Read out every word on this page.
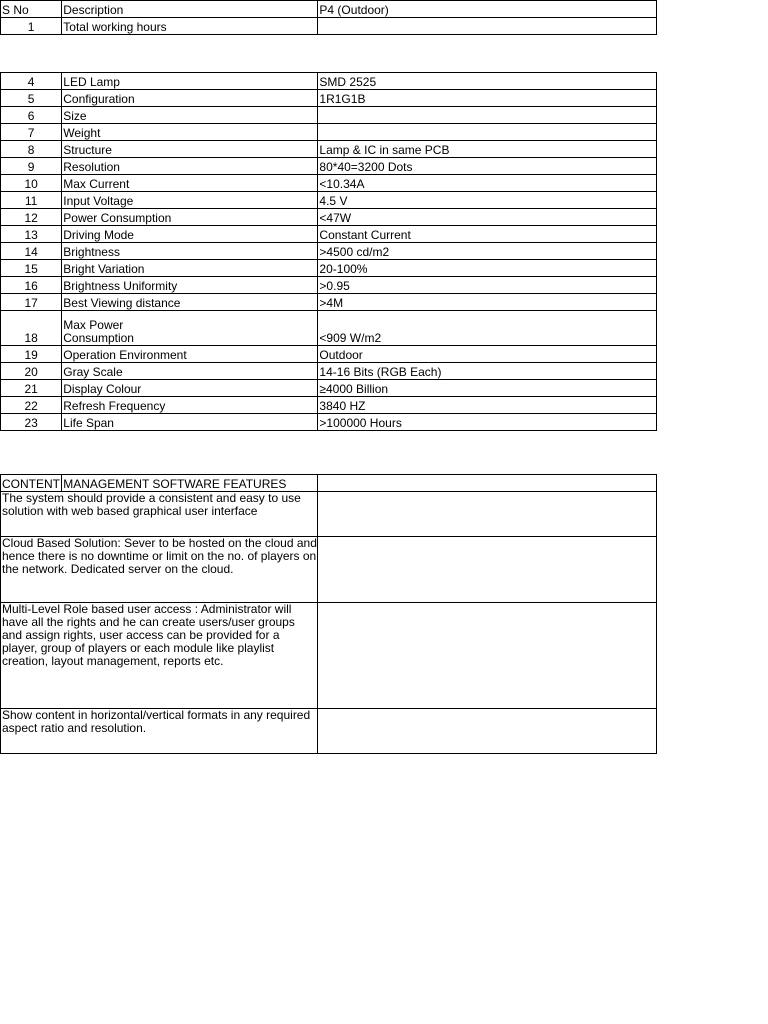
S No	Description	P4 (Outdoor)
1	Total working hours	
4	LED Lamp	SMD 2525
5	Configuration	1R1G1B
6	Size	
7	Weight	
8	Structure	Lamp & IC in same PCB
9	Resolution	80*40=3200 Dots
10	Max Current	<10.34A
11	Input Voltage	4.5 V
12	Power Consumption	<47W
13	Driving Mode	Constant Current
14	Brightness	>4500 cd/m2
15	Bright Variation	20-100%
16	Brightness Uniformity	>0.95
17	Best Viewing distance	>4M
18	Max Power
Consumption	<909 W/m2
19	Operation Environment	Outdoor
20	Gray Scale	14-16 Bits (RGB Each)
21	Display Colour	≥4000 Billion
22	Refresh Frequency	3840 HZ
23	Life Span	>100000 Hours
CONTENT	MANAGEMENT SOFTWARE FEATURES	
The system should provide a consistent and easy to use solution with web based graphical user interface		
Cloud Based Solution: Sever to be hosted on the cloud and hence there is no downtime or limit on the no. of players on the network. Dedicated server on the cloud.		
Multi-Level Role based user access : Administrator will have all the rights and he can create users/user groups and assign rights, user access can be provided for a player, group of players or each module like playlist creation, layout management, reports etc.		
Show content in horizontal/vertical formats in any required aspect ratio and resolution.		
